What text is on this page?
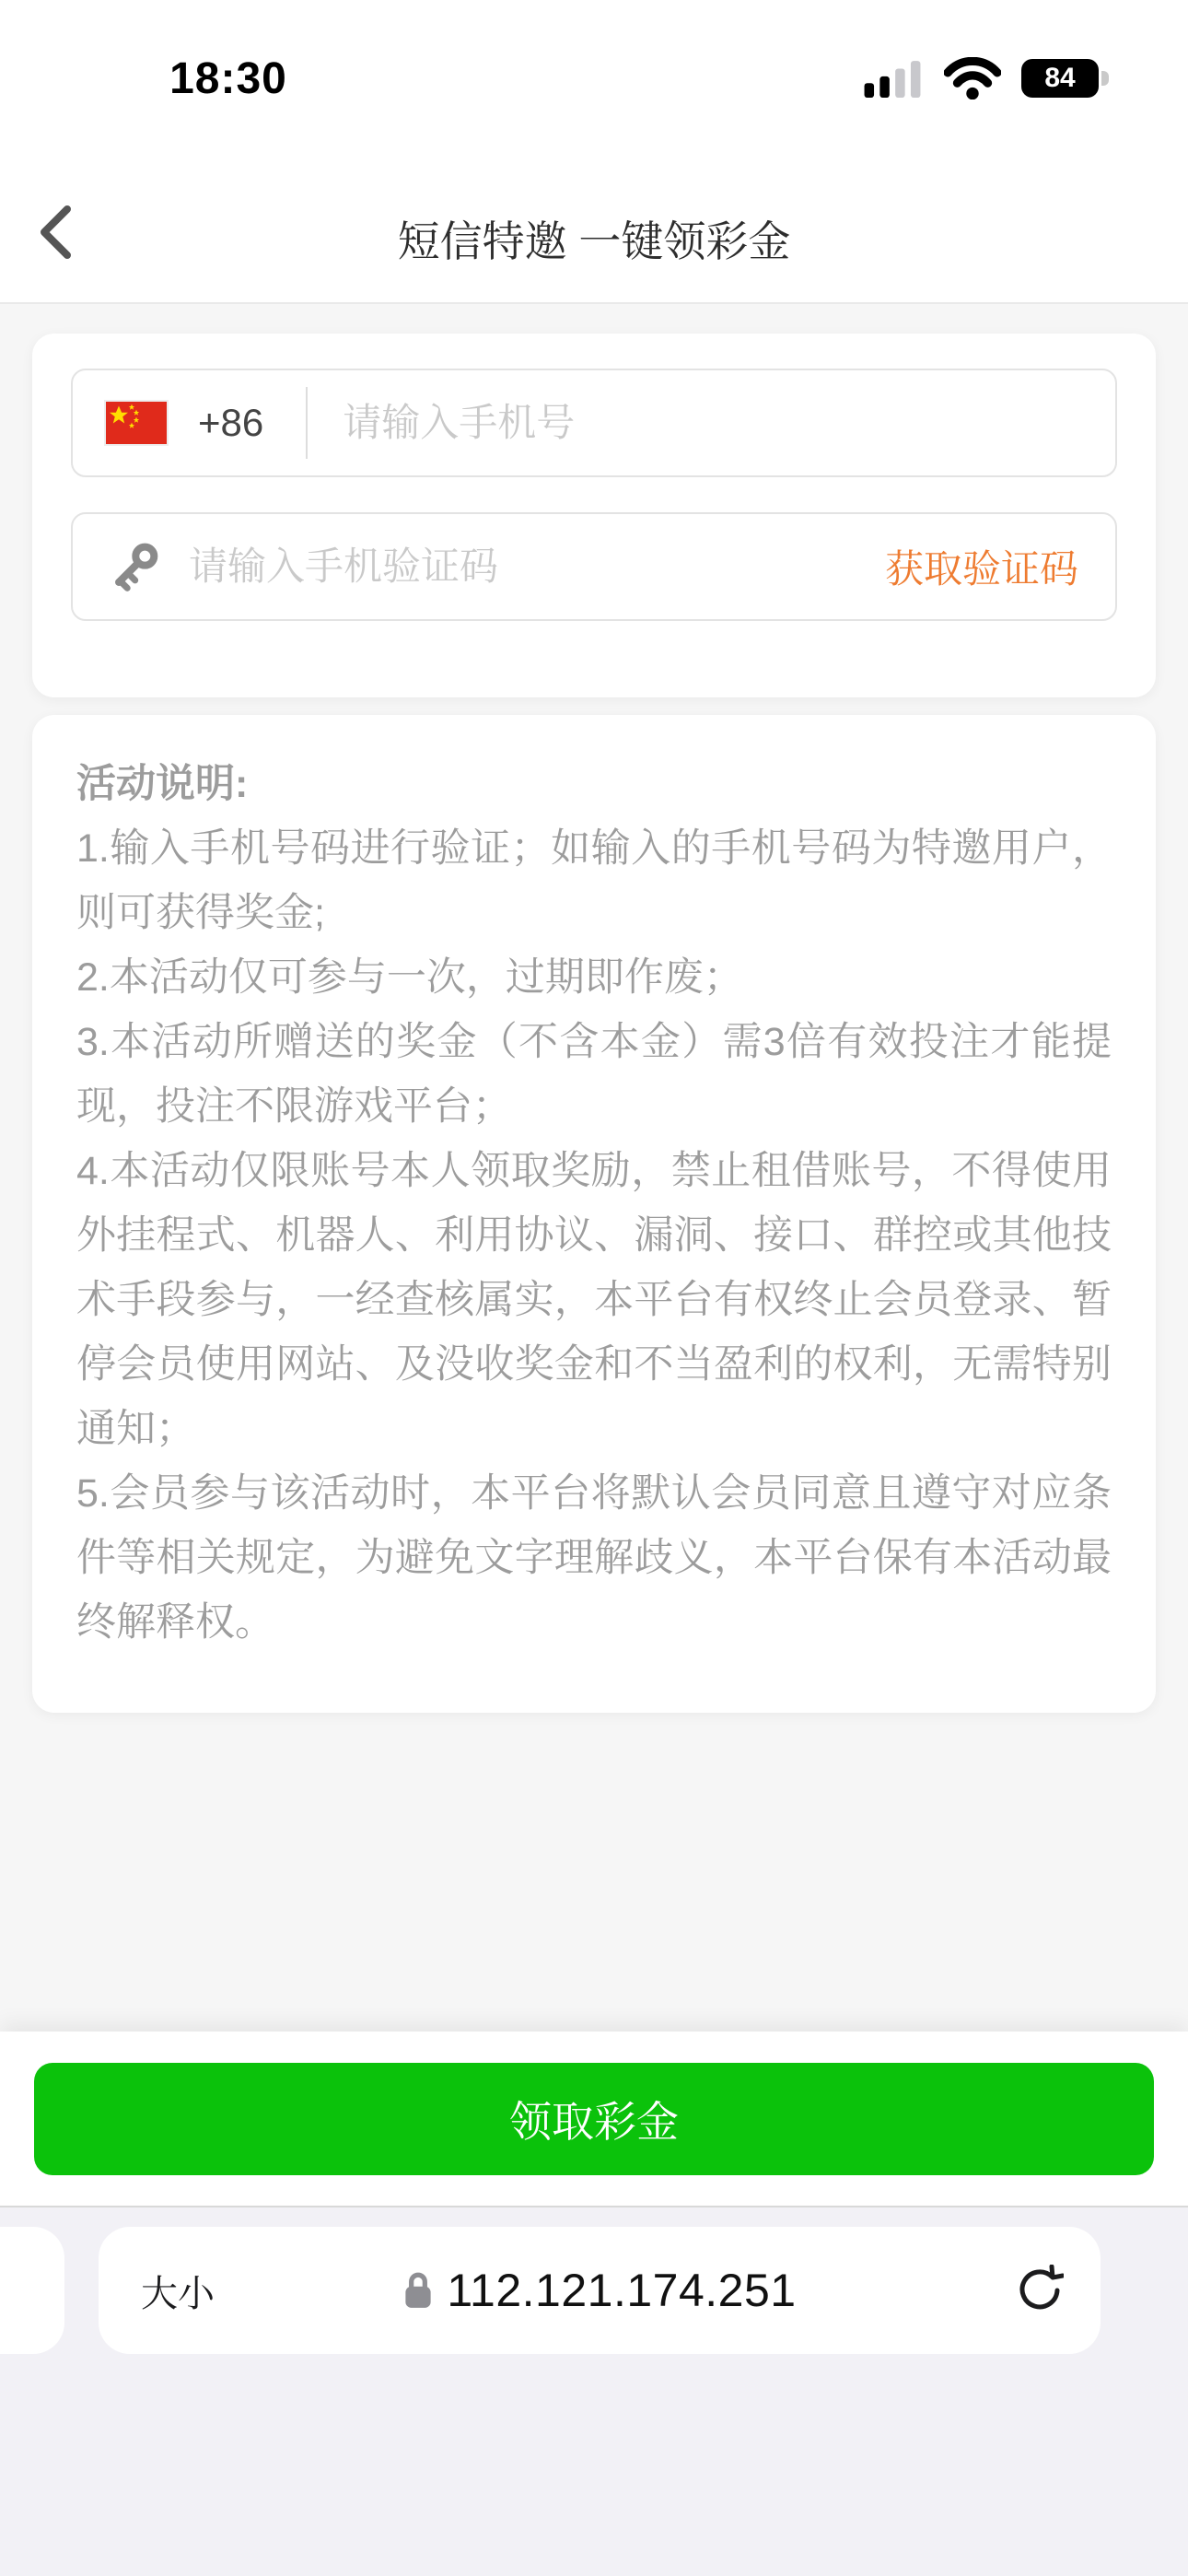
18:30	84
短信特邀 一键领彩金
+86
请输入手机号
请输入手机验证码
获取验证码

活动说明:

1.输入手机号码进行验证；如输入的手机号码为特邀用户，则可获得奖金;

2.本活动仅可参与一次，过期即作废；

3.本活动所赠送的奖金（不含本金）需3倍有效投注才能提现，投注不限游戏平台；

4.本活动仅限账号本人领取奖励，禁止租借账号，不得使用外挂程式、机器人、利用协议、漏洞、接口、群控或其他技术手段参与，一经查核属实，本平台有权终止会员登录、暂停会员使用网站、及没收奖金和不当盈利的权利，无需特别通知；

5.会员参与该活动时，本平台将默认会员同意且遵守对应条件等相关规定，为避免文字理解歧义，本平台保有本活动最终解释权。

领取彩金
大小	112.121.174.251
